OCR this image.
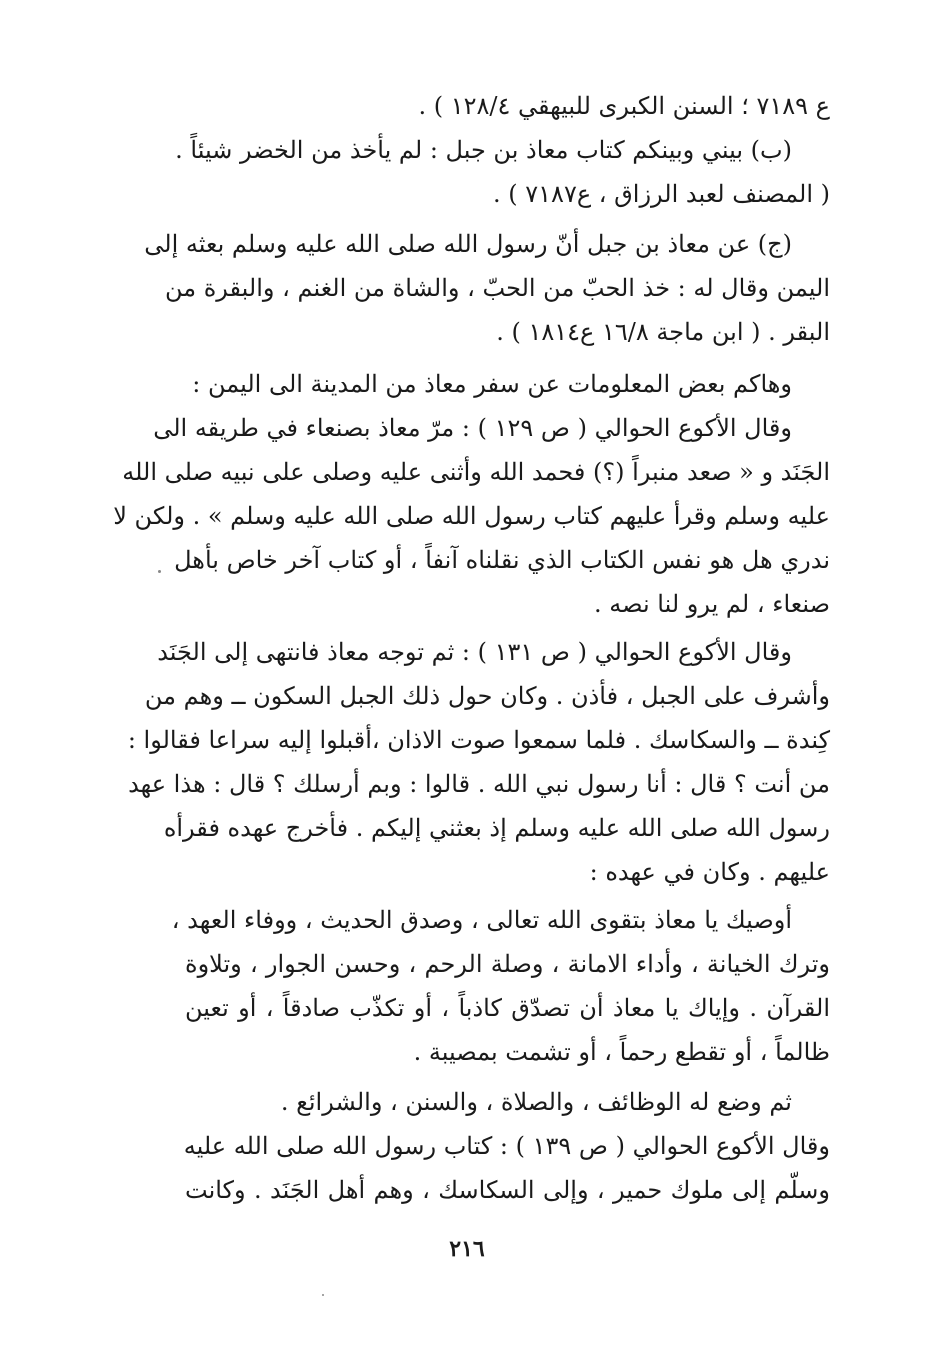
ع ٧١٨٩ ؛ السنن الكبرى للبيهقي ١٢٨/٤ ) .
(ب) بيني وبينكم كتاب معاذ بن جبل : لم يأخذ من الخضر شيئاً .
( المصنف لعبد الرزاق ، ع٧١٨٧ ) .
(ج) عن معاذ بن جبل أنّ رسول الله صلى الله عليه وسلم بعثه إلى
اليمن وقال له : خذ الحبّ من الحبّ ، والشاة من الغنم ، والبقرة من
البقر . ( ابن ماجة ١٦/٨ ع١٨١٤ ) .
وهاكم بعض المعلومات عن سفر معاذ من المدينة الى اليمن :
وقال الأكوع الحوالي ( ص ١٢٩ ) : مرّ معاذ بصنعاء في طريقه الى
الجَنَد و « صعد منبراً (؟) فحمد الله وأثنى عليه وصلى على نبيه صلى الله
عليه وسلم وقرأ عليهم كتاب رسول الله صلى الله عليه وسلم » . ولكن لا
ندري هل هو نفس الكتاب الذي نقلناه آنفاً ، أو كتاب آخر خاص بأهل
صنعاء ، لم يرو لنا نصه .
وقال الأكوع الحوالي ( ص ١٣١ ) : ثم توجه معاذ فانتهى إلى الجَنَد
وأشرف على الجبل ، فأذن . وكان حول ذلك الجبل السكون ــ وهم من
كِندة ــ والسكاسك . فلما سمعوا صوت الاذان ،أقبلوا إليه سراعا فقالوا :
من أنت ؟ قال : أنا رسول نبي الله . قالوا : وبم أرسلك ؟ قال : هذا عهد
رسول الله صلى الله عليه وسلم إذ بعثني إليكم . فأخرج عهده فقرأه
عليهم . وكان في عهده :
أوصيك يا معاذ بتقوى الله تعالى ، وصدق الحديث ، ووفاء العهد ،
وترك الخيانة ، وأداء الامانة ، وصلة الرحم ، وحسن الجوار ، وتلاوة
القرآن . وإياك يا معاذ أن تصدّق كاذباً ، أو تكذّب صادقاً ، أو تعين
ظالماً ، أو تقطع رحماً ، أو تشمت بمصيبة .
ثم وضع له الوظائف ، والصلاة ، والسنن ، والشرائع .
وقال الأكوع الحوالي ( ص ١٣٩ ) : كتاب رسول الله صلى الله عليه
وسلّم إلى ملوك حمير ، وإلى السكاسك ، وهم أهل الجَنَد . وكانت
٢١٦
